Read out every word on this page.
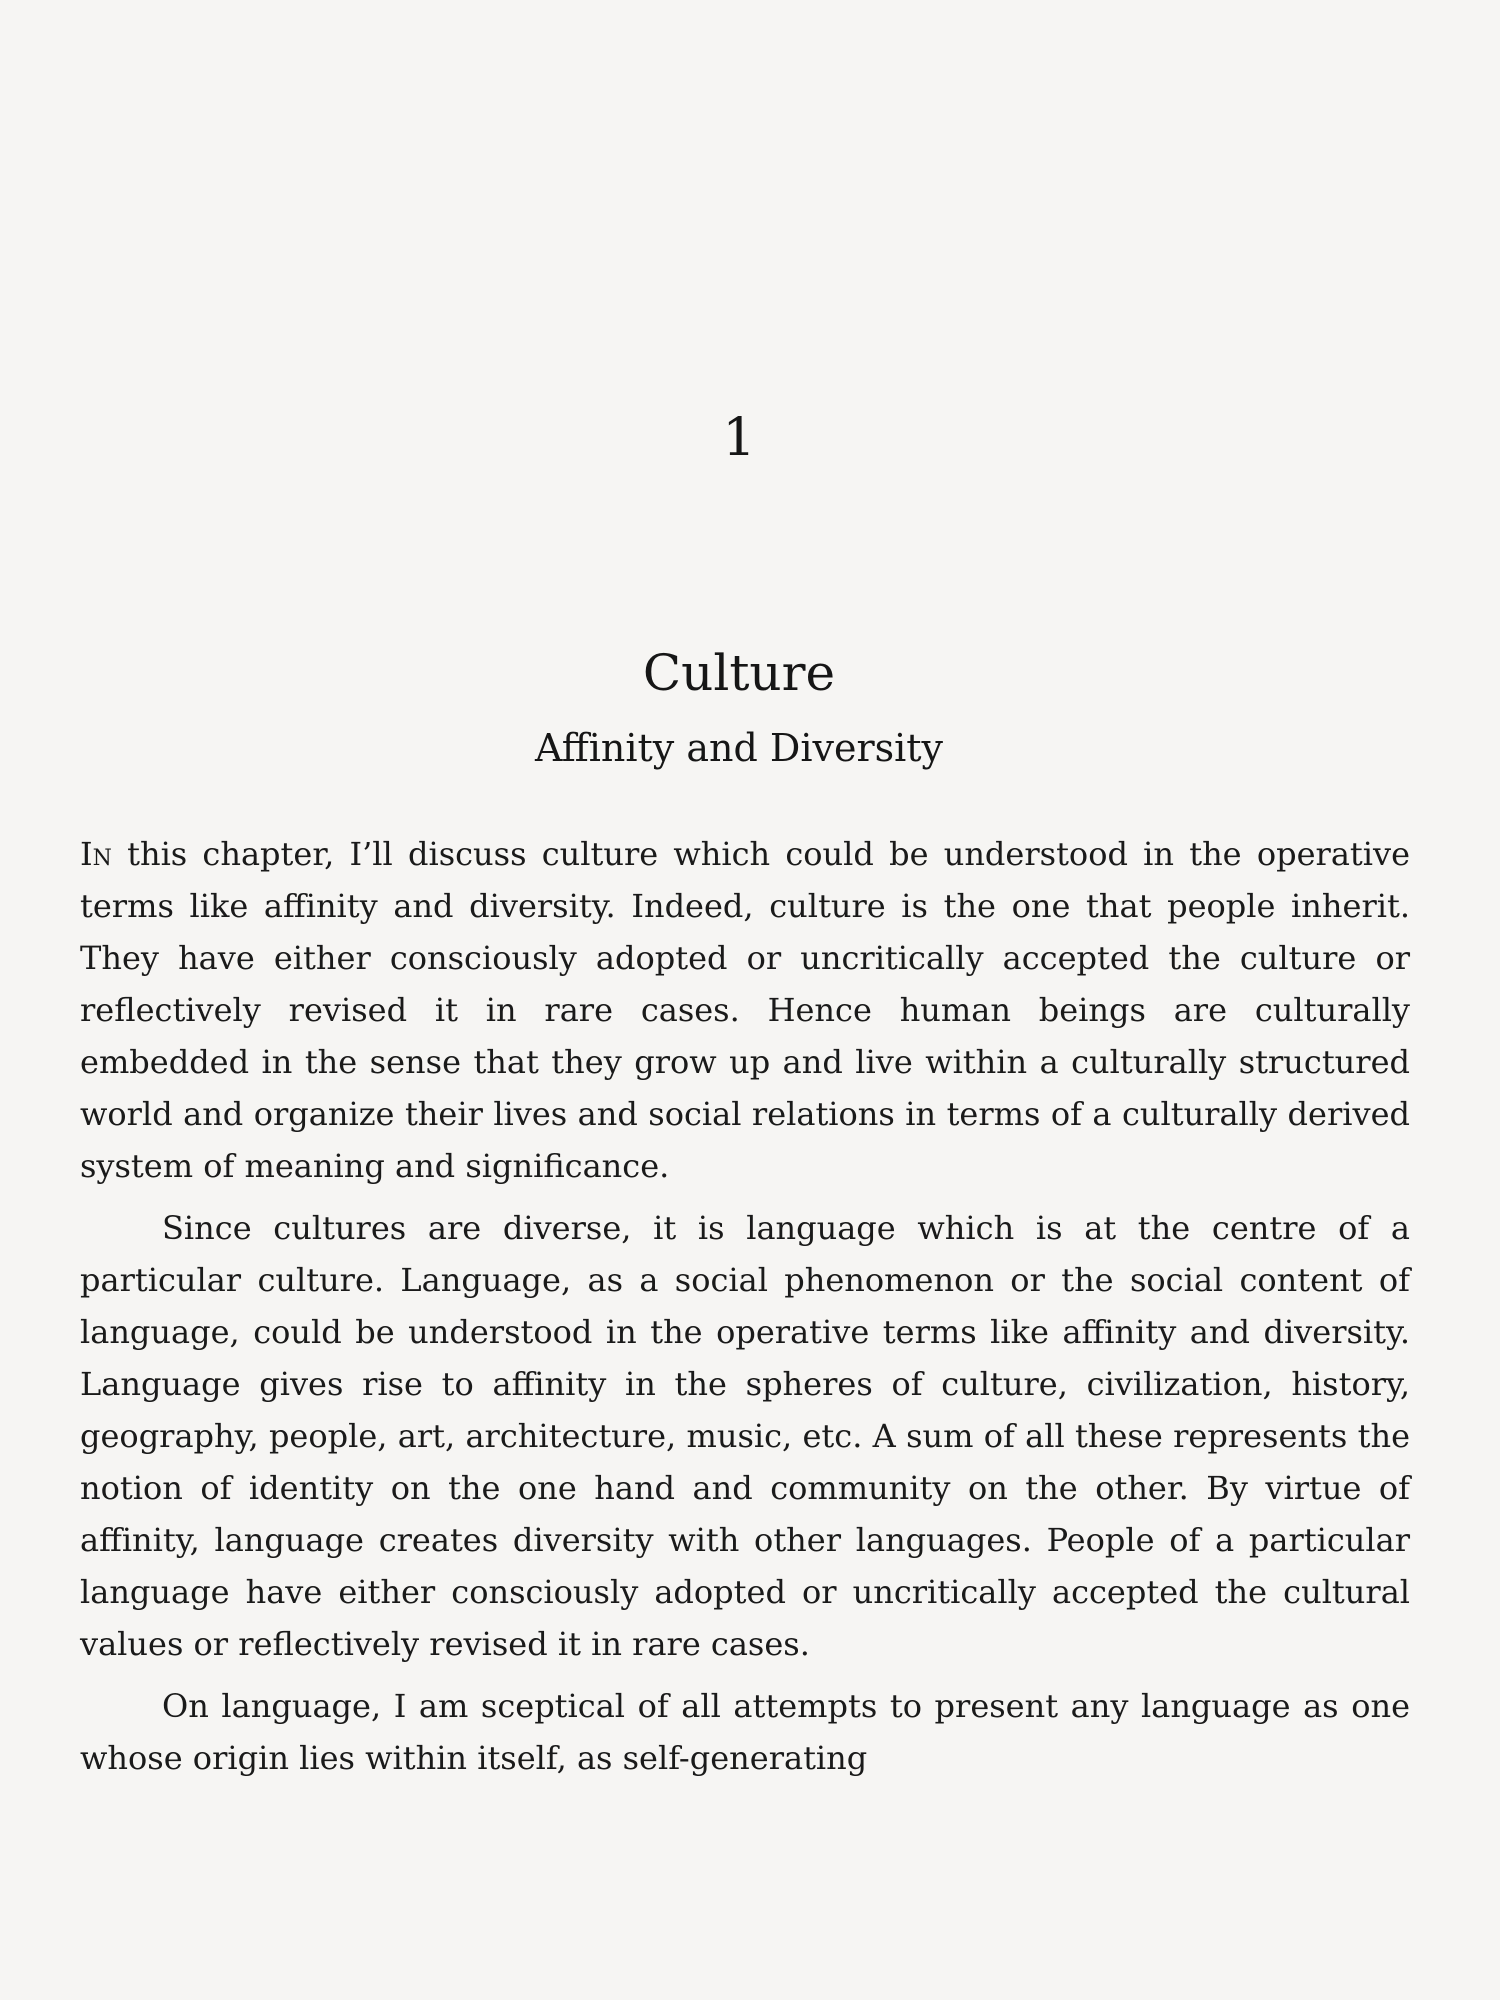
1
Culture
Affinity and Diversity

In this chapter, I’ll discuss culture which could be understood in the operative terms like affinity and diversity. Indeed, culture is the one that people inherit. They have either consciously adopted or uncritically accepted the culture or reflectively revised it in rare cases. Hence human beings are culturally embedded in the sense that they grow up and live within a culturally structured world and organize their lives and social relations in terms of a culturally derived system of meaning and significance.

Since cultures are diverse, it is language which is at the centre of a particular culture. Language, as a social phenomenon or the social content of language, could be understood in the operative terms like affinity and diversity. Language gives rise to affinity in the spheres of culture, civilization, history, geography, people, art, architecture, music, etc. A sum of all these represents the notion of identity on the one hand and community on the other. By virtue of affinity, language creates diversity with other languages. People of a particular language have either consciously adopted or uncritically accepted the cultural values or reflectively revised it in rare cases.

On language, I am sceptical of all attempts to present any language as one whose origin lies within itself, as self-generating
